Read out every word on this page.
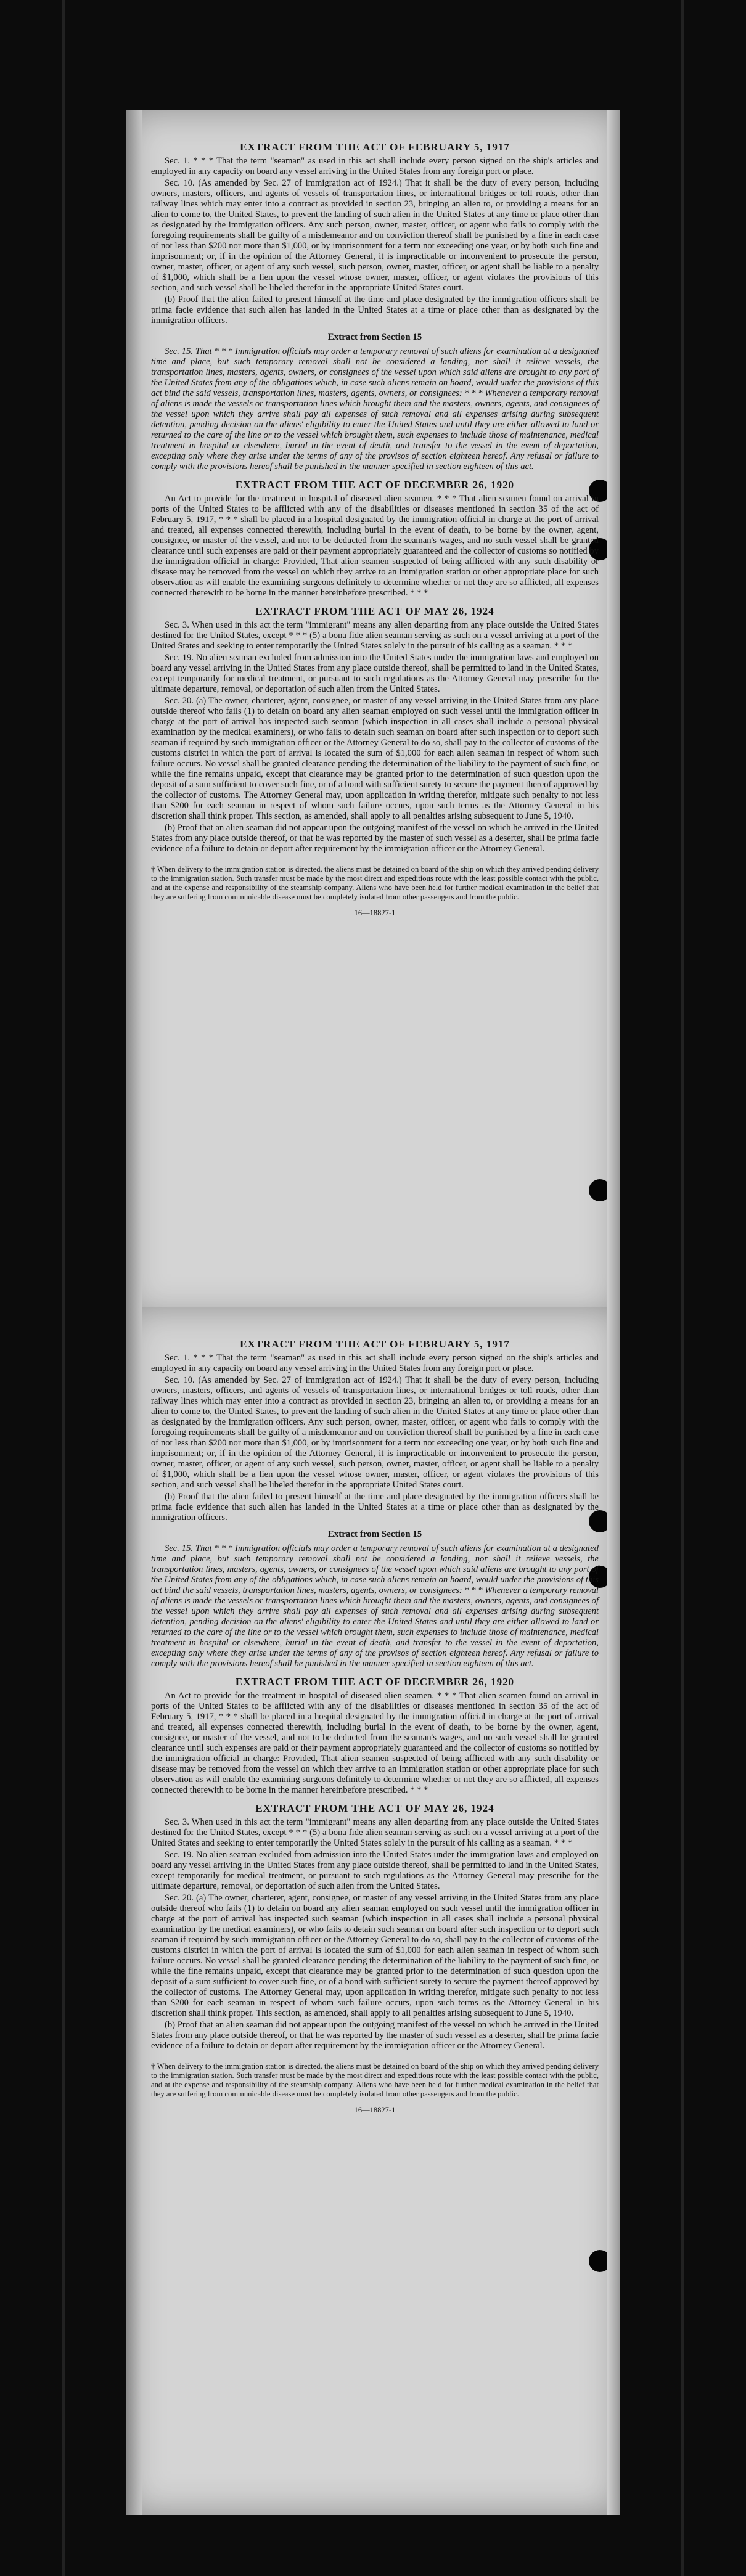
EXTRACT FROM THE ACT OF FEBRUARY 5, 1917

Sec. 1. * * * That the term "seaman" as used in this act shall include every person signed on the ship's articles and employed in any capacity on board any vessel arriving in the United States from any foreign port or place.

Sec. 10. (As amended by Sec. 27 of immigration act of 1924.) That it shall be the duty of every person, including owners, masters, officers, and agents of vessels of transportation lines, or international bridges or toll roads, other than railway lines which may enter into a contract as provided in section 23, bringing an alien to, or providing a means for an alien to come to, the United States, to prevent the landing of such alien in the United States at any time or place other than as designated by the immigration officers. Any such person, owner, master, officer, or agent who fails to comply with the foregoing requirements shall be guilty of a misdemeanor and on conviction thereof shall be punished by a fine in each case of not less than $200 nor more than $1,000, or by imprisonment for a term not exceeding one year, or by both such fine and imprisonment; or, if in the opinion of the Attorney General, it is impracticable or inconvenient to prosecute the person, owner, master, officer, or agent of any such vessel, such person, owner, master, officer, or agent shall be liable to a penalty of $1,000, which shall be a lien upon the vessel whose owner, master, officer, or agent violates the provisions of this section, and such vessel shall be libeled therefor in the appropriate United States court.

(b) Proof that the alien failed to present himself at the time and place designated by the immigration officers shall be prima facie evidence that such alien has landed in the United States at a time or place other than as designated by the immigration officers.

Extract from Section 15

Sec. 15. That * * * Immigration officials may order a temporary removal of such aliens for examination at a designated time and place, but such temporary removal shall not be considered a landing, nor shall it relieve vessels, the transportation lines, masters, agents, owners, or consignees of the vessel upon which said aliens are brought to any port of the United States from any of the obligations which, in case such aliens remain on board, would under the provisions of this act bind the said vessels, transportation lines, masters, agents, owners, or consignees: * * * Whenever a temporary removal of aliens is made the vessels or transportation lines which brought them and the masters, owners, agents, and consignees of the vessel upon which they arrive shall pay all expenses of such removal and all expenses arising during subsequent detention, pending decision on the aliens' eligibility to enter the United States and until they are either allowed to land or returned to the care of the line or to the vessel which brought them, such expenses to include those of maintenance, medical treatment in hospital or elsewhere, burial in the event of death, and transfer to the vessel in the event of deportation, excepting only where they arise under the terms of any of the provisos of section eighteen hereof. Any refusal or failure to comply with the provisions hereof shall be punished in the manner specified in section eighteen of this act.

EXTRACT FROM THE ACT OF DECEMBER 26, 1920

An Act to provide for the treatment in hospital of diseased alien seamen. * * * That alien seamen found on arrival in ports of the United States to be afflicted with any of the disabilities or diseases mentioned in section 35 of the act of February 5, 1917, * * * shall be placed in a hospital designated by the immigration official in charge at the port of arrival and treated, all expenses connected therewith, including burial in the event of death, to be borne by the owner, agent, consignee, or master of the vessel, and not to be deducted from the seaman's wages, and no such vessel shall be granted clearance until such expenses are paid or their payment appropriately guaranteed and the collector of customs so notified by the immigration official in charge: Provided, That alien seamen suspected of being afflicted with any such disability or disease may be removed from the vessel on which they arrive to an immigration station or other appropriate place for such observation as will enable the examining surgeons definitely to determine whether or not they are so afflicted, all expenses connected therewith to be borne in the manner hereinbefore prescribed. * * *

EXTRACT FROM THE ACT OF MAY 26, 1924

Sec. 3. When used in this act the term "immigrant" means any alien departing from any place outside the United States destined for the United States, except * * * (5) a bona fide alien seaman serving as such on a vessel arriving at a port of the United States and seeking to enter temporarily the United States solely in the pursuit of his calling as a seaman. * * *

Sec. 19. No alien seaman excluded from admission into the United States under the immigration laws and employed on board any vessel arriving in the United States from any place outside thereof, shall be permitted to land in the United States, except temporarily for medical treatment, or pursuant to such regulations as the Attorney General may prescribe for the ultimate departure, removal, or deportation of such alien from the United States.

Sec. 20. (a) The owner, charterer, agent, consignee, or master of any vessel arriving in the United States from any place outside thereof who fails (1) to detain on board any alien seaman employed on such vessel until the immigration officer in charge at the port of arrival has inspected such seaman (which inspection in all cases shall include a personal physical examination by the medical examiners), or who fails to detain such seaman on board after such inspection or to deport such seaman if required by such immigration officer or the Attorney General to do so, shall pay to the collector of customs of the customs district in which the port of arrival is located the sum of $1,000 for each alien seaman in respect of whom such failure occurs. No vessel shall be granted clearance pending the determination of the liability to the payment of such fine, or while the fine remains unpaid, except that clearance may be granted prior to the determination of such question upon the deposit of a sum sufficient to cover such fine, or of a bond with sufficient surety to secure the payment thereof approved by the collector of customs. The Attorney General may, upon application in writing therefor, mitigate such penalty to not less than $200 for each seaman in respect of whom such failure occurs, upon such terms as the Attorney General in his discretion shall think proper. This section, as amended, shall apply to all penalties arising subsequent to June 5, 1940.

(b) Proof that an alien seaman did not appear upon the outgoing manifest of the vessel on which he arrived in the United States from any place outside thereof, or that he was reported by the master of such vessel as a deserter, shall be prima facie evidence of a failure to detain or deport after requirement by the immigration officer or the Attorney General.

† When delivery to the immigration station is directed, the aliens must be detained on board of the ship on which they arrived pending delivery to the immigration station. Such transfer must be made by the most direct and expeditious route with the least possible contact with the public, and at the expense and responsibility of the steamship company. Aliens who have been held for further medical examination in the belief that they are suffering from communicable disease must be completely isolated from other passengers and from the public.
16—18827-1
EXTRACT FROM THE ACT OF FEBRUARY 5, 1917

Sec. 1. * * * That the term "seaman" as used in this act shall include every person signed on the ship's articles and employed in any capacity on board any vessel arriving in the United States from any foreign port or place.

Sec. 10. (As amended by Sec. 27 of immigration act of 1924.) That it shall be the duty of every person, including owners, masters, officers, and agents of vessels of transportation lines, or international bridges or toll roads, other than railway lines which may enter into a contract as provided in section 23, bringing an alien to, or providing a means for an alien to come to, the United States, to prevent the landing of such alien in the United States at any time or place other than as designated by the immigration officers. Any such person, owner, master, officer, or agent who fails to comply with the foregoing requirements shall be guilty of a misdemeanor and on conviction thereof shall be punished by a fine in each case of not less than $200 nor more than $1,000, or by imprisonment for a term not exceeding one year, or by both such fine and imprisonment; or, if in the opinion of the Attorney General, it is impracticable or inconvenient to prosecute the person, owner, master, officer, or agent of any such vessel, such person, owner, master, officer, or agent shall be liable to a penalty of $1,000, which shall be a lien upon the vessel whose owner, master, officer, or agent violates the provisions of this section, and such vessel shall be libeled therefor in the appropriate United States court.

(b) Proof that the alien failed to present himself at the time and place designated by the immigration officers shall be prima facie evidence that such alien has landed in the United States at a time or place other than as designated by the immigration officers.

Extract from Section 15

Sec. 15. That * * * Immigration officials may order a temporary removal of such aliens for examination at a designated time and place, but such temporary removal shall not be considered a landing, nor shall it relieve vessels, the transportation lines, masters, agents, owners, or consignees of the vessel upon which said aliens are brought to any port of the United States from any of the obligations which, in case such aliens remain on board, would under the provisions of this act bind the said vessels, transportation lines, masters, agents, owners, or consignees: * * * Whenever a temporary removal of aliens is made the vessels or transportation lines which brought them and the masters, owners, agents, and consignees of the vessel upon which they arrive shall pay all expenses of such removal and all expenses arising during subsequent detention, pending decision on the aliens' eligibility to enter the United States and until they are either allowed to land or returned to the care of the line or to the vessel which brought them, such expenses to include those of maintenance, medical treatment in hospital or elsewhere, burial in the event of death, and transfer to the vessel in the event of deportation, excepting only where they arise under the terms of any of the provisos of section eighteen hereof. Any refusal or failure to comply with the provisions hereof shall be punished in the manner specified in section eighteen of this act.

EXTRACT FROM THE ACT OF DECEMBER 26, 1920

An Act to provide for the treatment in hospital of diseased alien seamen. * * * That alien seamen found on arrival in ports of the United States to be afflicted with any of the disabilities or diseases mentioned in section 35 of the act of February 5, 1917, * * * shall be placed in a hospital designated by the immigration official in charge at the port of arrival and treated, all expenses connected therewith, including burial in the event of death, to be borne by the owner, agent, consignee, or master of the vessel, and not to be deducted from the seaman's wages, and no such vessel shall be granted clearance until such expenses are paid or their payment appropriately guaranteed and the collector of customs so notified by the immigration official in charge: Provided, That alien seamen suspected of being afflicted with any such disability or disease may be removed from the vessel on which they arrive to an immigration station or other appropriate place for such observation as will enable the examining surgeons definitely to determine whether or not they are so afflicted, all expenses connected therewith to be borne in the manner hereinbefore prescribed. * * *

EXTRACT FROM THE ACT OF MAY 26, 1924

Sec. 3. When used in this act the term "immigrant" means any alien departing from any place outside the United States destined for the United States, except * * * (5) a bona fide alien seaman serving as such on a vessel arriving at a port of the United States and seeking to enter temporarily the United States solely in the pursuit of his calling as a seaman. * * *

Sec. 19. No alien seaman excluded from admission into the United States under the immigration laws and employed on board any vessel arriving in the United States from any place outside thereof, shall be permitted to land in the United States, except temporarily for medical treatment, or pursuant to such regulations as the Attorney General may prescribe for the ultimate departure, removal, or deportation of such alien from the United States.

Sec. 20. (a) The owner, charterer, agent, consignee, or master of any vessel arriving in the United States from any place outside thereof who fails (1) to detain on board any alien seaman employed on such vessel until the immigration officer in charge at the port of arrival has inspected such seaman (which inspection in all cases shall include a personal physical examination by the medical examiners), or who fails to detain such seaman on board after such inspection or to deport such seaman if required by such immigration officer or the Attorney General to do so, shall pay to the collector of customs of the customs district in which the port of arrival is located the sum of $1,000 for each alien seaman in respect of whom such failure occurs. No vessel shall be granted clearance pending the determination of the liability to the payment of such fine, or while the fine remains unpaid, except that clearance may be granted prior to the determination of such question upon the deposit of a sum sufficient to cover such fine, or of a bond with sufficient surety to secure the payment thereof approved by the collector of customs. The Attorney General may, upon application in writing therefor, mitigate such penalty to not less than $200 for each seaman in respect of whom such failure occurs, upon such terms as the Attorney General in his discretion shall think proper. This section, as amended, shall apply to all penalties arising subsequent to June 5, 1940.

(b) Proof that an alien seaman did not appear upon the outgoing manifest of the vessel on which he arrived in the United States from any place outside thereof, or that he was reported by the master of such vessel as a deserter, shall be prima facie evidence of a failure to detain or deport after requirement by the immigration officer or the Attorney General.

† When delivery to the immigration station is directed, the aliens must be detained on board of the ship on which they arrived pending delivery to the immigration station. Such transfer must be made by the most direct and expeditious route with the least possible contact with the public, and at the expense and responsibility of the steamship company. Aliens who have been held for further medical examination in the belief that they are suffering from communicable disease must be completely isolated from other passengers and from the public.
16—18827-1
